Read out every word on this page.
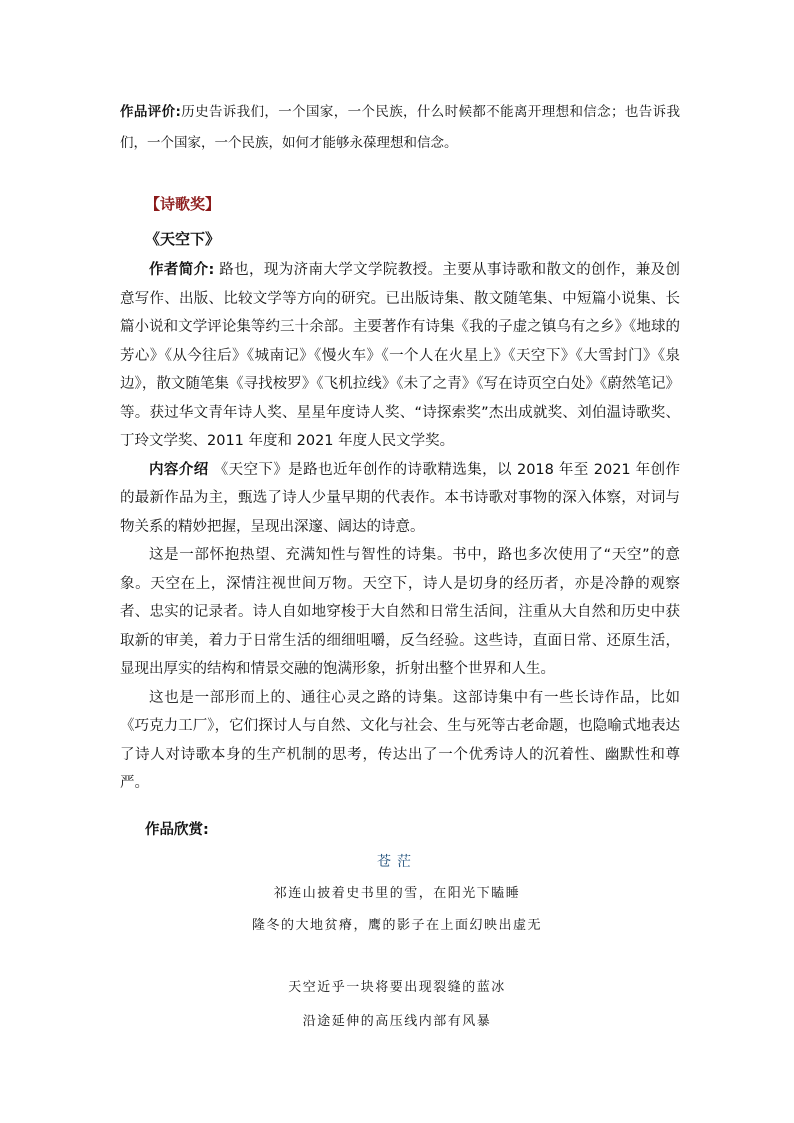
作品评价:历史告诉我们，一个国家，一个民族，什么时候都不能离开理想和信念；也告诉我们，一个国家，一个民族，如何才能够永葆理想和信念。
【诗歌奖】
《天空下》

作者简介: 路也，现为济南大学文学院教授。主要从事诗歌和散文的创作，兼及创意写作、出版、比较文学等方向的研究。已出版诗集、散文随笔集、中短篇小说集、长篇小说和文学评论集等约三十余部。主要著作有诗集《我的子虚之镇乌有之乡》《地球的芳心》《从今往后》《城南记》《慢火车》《一个人在火星上》《天空下》《大雪封门》《泉边》，散文随笔集《寻找桉罗》《飞机拉线》《未了之青》《写在诗页空白处》《蔚然笔记》等。获过华文青年诗人奖、星星年度诗人奖、“诗探索奖”杰出成就奖、刘伯温诗歌奖、丁玲文学奖、2011 年度和 2021 年度人民文学奖。

内容介绍 《天空下》是路也近年创作的诗歌精选集，以 2018 年至 2021 年创作的最新作品为主，甄选了诗人少量早期的代表作。本书诗歌对事物的深入体察，对词与物关系的精妙把握，呈现出深邃、阔达的诗意。

这是一部怀抱热望、充满知性与智性的诗集。书中，路也多次使用了“天空”的意象。天空在上，深情注视世间万物。天空下，诗人是切身的经历者，亦是冷静的观察者、忠实的记录者。诗人自如地穿梭于大自然和日常生活间，注重从大自然和历史中获取新的审美，着力于日常生活的细细咀嚼，反刍经验。这些诗，直面日常、还原生活，显现出厚实的结构和情景交融的饱满形象，折射出整个世界和人生。

这也是一部形而上的、通往心灵之路的诗集。这部诗集中有一些长诗作品，比如《巧克力工厂》，它们探讨人与自然、文化与社会、生与死等古老命题，也隐喻式地表达了诗人对诗歌本身的生产机制的思考，传达出了一个优秀诗人的沉着性、幽默性和尊严。

作品欣赏:
苍茫
祁连山披着史书里的雪，在阳光下瞌睡
隆冬的大地贫瘠，鹰的影子在上面幻映出虚无
天空近乎一块将要出现裂缝的蓝冰
沿途延伸的高压线内部有风暴
